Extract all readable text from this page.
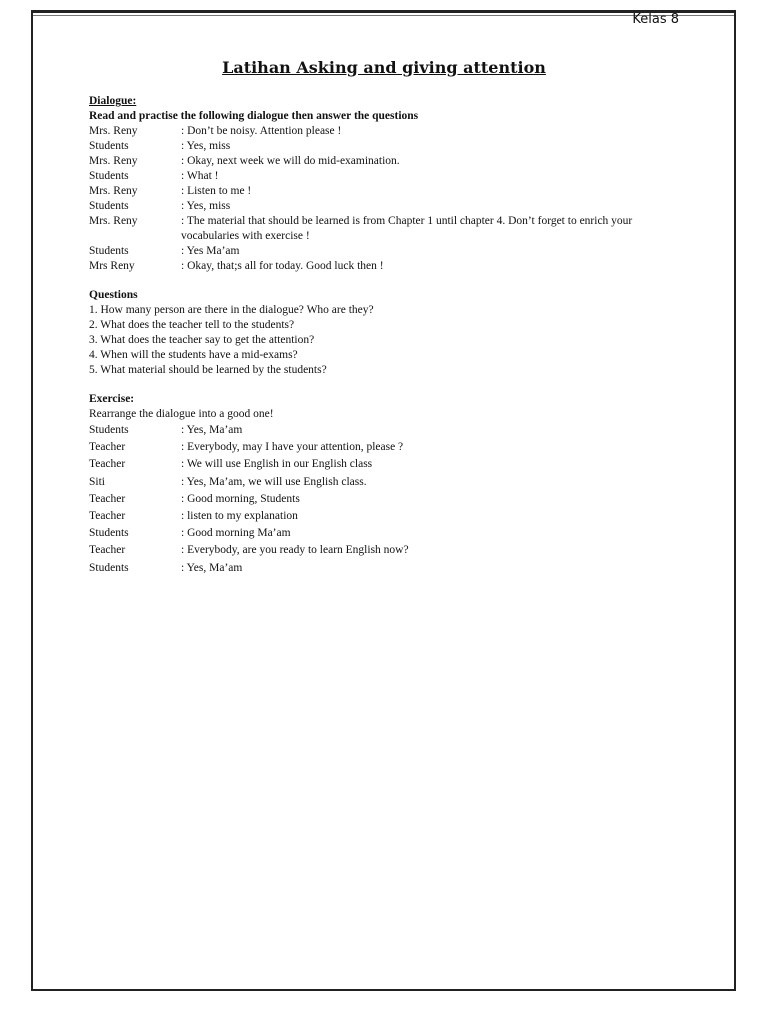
Kelas 8
Latihan Asking and giving attention
Dialogue:
Read and practise the following dialogue then answer the questions
Mrs. Reny	: Don’t be noisy. Attention please !
Students	: Yes, miss
Mrs. Reny	: Okay, next week we will do mid-examination.
Students	: What !
Mrs. Reny	: Listen to me !
Students	: Yes, miss
Mrs. Reny	: The material that should be learned is from Chapter 1 until chapter 4. Don’t forget to enrich your vocabularies with exercise !
Students	: Yes Ma’am
Mrs Reny	: Okay, that;s all for today. Good luck then !
Questions
1. How many person are there in the dialogue? Who are they?
2. What does the teacher tell to the students?
3. What does the teacher say to get the attention?
4. When will the students have a mid-exams?
5. What material should be learned by the students?
Exercise:
Rearrange the dialogue into a good one!
Students	: Yes, Ma’am
Teacher	: Everybody, may I have your attention, please ?
Teacher	: We will use English in our English class
Siti	: Yes, Ma’am, we will use English class.
Teacher	: Good morning, Students
Teacher	: listen to my explanation
Students	: Good morning Ma’am
Teacher	: Everybody, are you ready to learn English now?
Students	: Yes, Ma’am
